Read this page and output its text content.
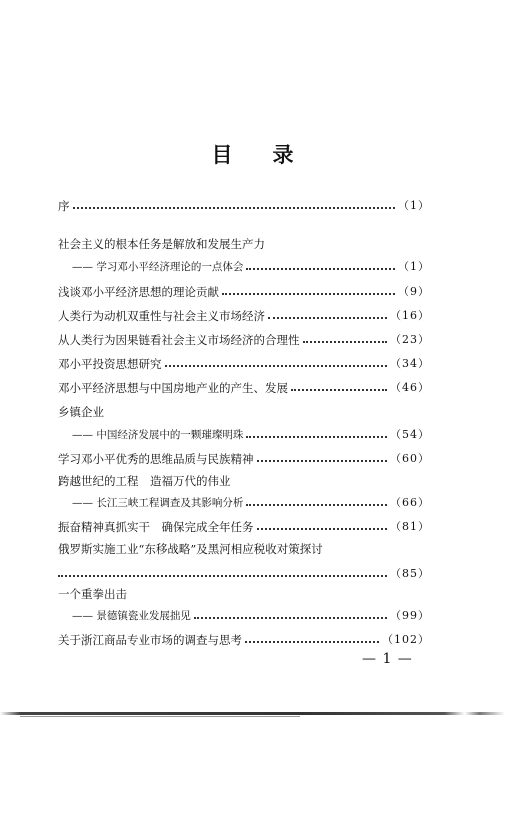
目 录
序	（1）
社会主义的根本任务是解放和发展生产力
—— 学习邓小平经济理论的一点体会	（1）
浅谈邓小平经济思想的理论贡献	（9）
人类行为动机双重性与社会主义市场经济	（16）
从人类行为因果链看社会主义市场经济的合理性	（23）
邓小平投资思想研究	（34）
邓小平经济思想与中国房地产业的产生、发展	（46）
乡镇企业
—— 中国经济发展中的一颗璀璨明珠	（54）
学习邓小平优秀的思维品质与民族精神	（60）
跨越世纪的工程　造福万代的伟业
—— 长江三峡工程调查及其影响分析	（66）
振奋精神真抓实干　确保完成全年任务	（81）
俄罗斯实施工业“东移战略”及黑河相应税收对策探讨
（85）
一个重拳出击
—— 景德镇瓷业发展拙见	（99）
关于浙江商品专业市场的调查与思考	（102）
— 1 —
